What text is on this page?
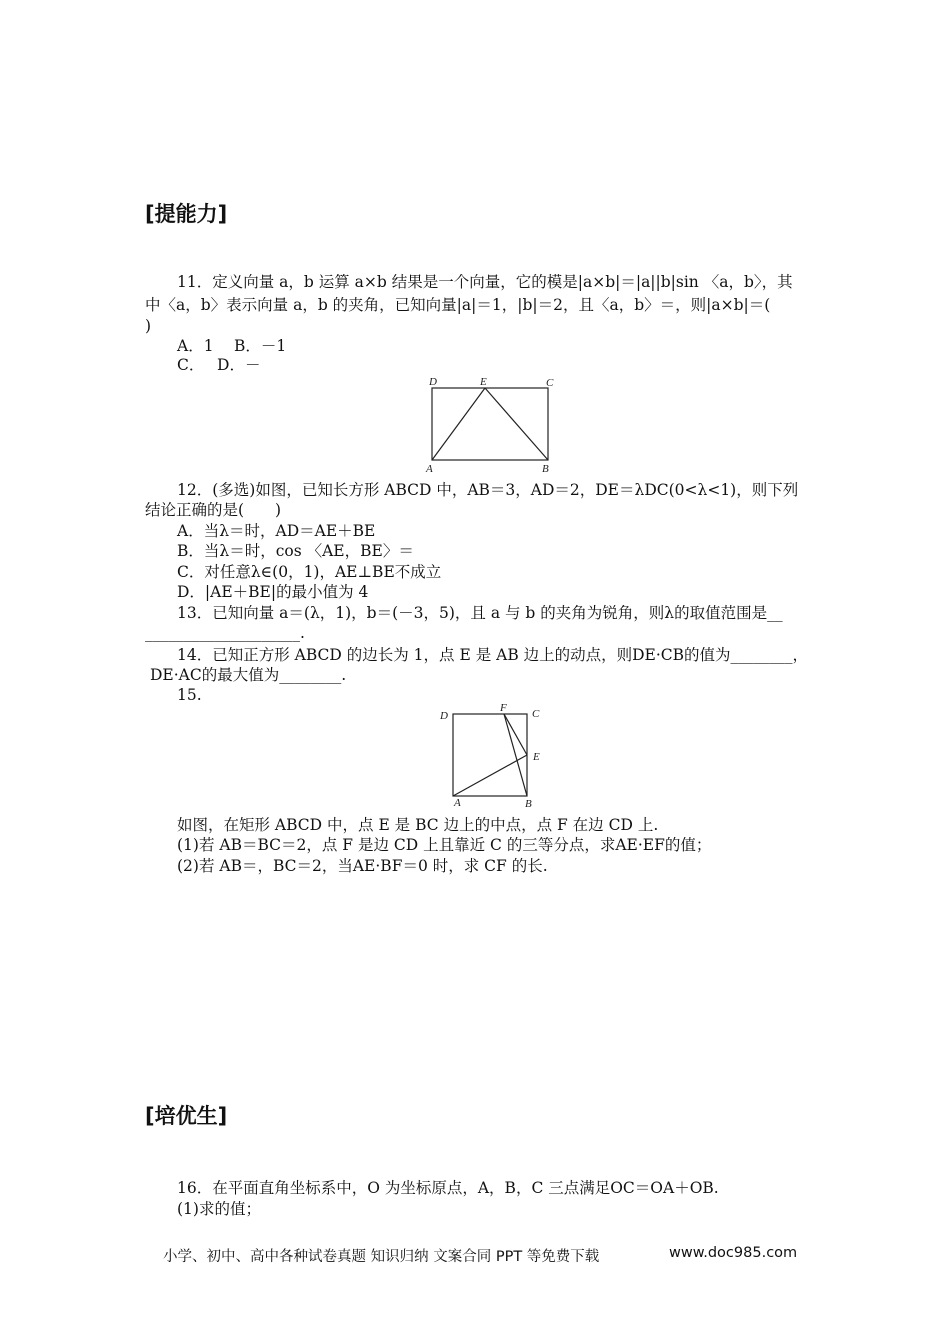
[提能力]
11．定义向量 a，b 运算 a×b 结果是一个向量，它的模是|a×b|＝|a||b|sin 〈a，b〉，其
中〈a，b〉表示向量 a，b 的夹角，已知向量|a|＝1，|b|＝2，且〈a，b〉＝，则|a×b|＝(
)
A．1　 B．－1
C．　 D．－
D	E	C
A	B
12．(多选)如图，已知长方形 ABCD 中，AB＝3，AD＝2，DE＝λDC(0<λ<1)，则下列
结论正确的是(　　)
A．当λ＝时，AD＝AE＋BE
B．当λ＝时，cos 〈AE，BE〉＝
C．对任意λ∈(0，1)，AE⊥BE不成立
D．|AE＋BE|的最小值为 4
13．已知向量 a＝(λ，1)，b＝(－3，5)，且 a 与 b 的夹角为锐角，则λ的取值范围是__
____________________.
14．已知正方形 ABCD 的边长为 1，点 E 是 AB 边上的动点，则DE·CB的值为________，
DE·AC的最大值为________.
15.
D
F C
E
A	B
如图，在矩形 ABCD 中，点 E 是 BC 边上的中点，点 F 在边 CD 上.
(1)若 AB＝BC＝2，点 F 是边 CD 上且靠近 C 的三等分点，求AE·EF的值；
(2)若 AB＝，BC＝2，当AE·BF＝0 时，求 CF 的长.
[培优生]
16．在平面直角坐标系中，O 为坐标原点，A，B，C 三点满足OC＝OA＋OB.
(1)求的值；
小学、初中、高中各种试卷真题 知识归纳 文案合同 PPT 等免费下载	www.doc985.com
